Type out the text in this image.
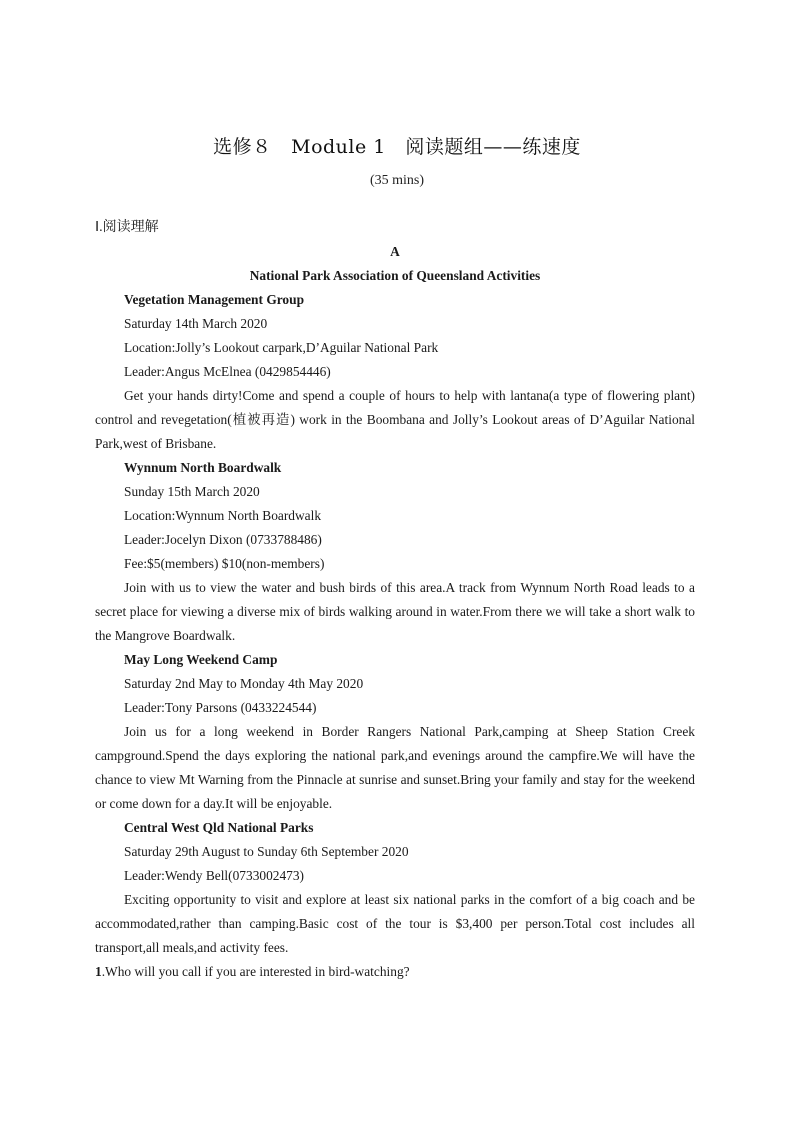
选修８　Module 1　阅读题组——练速度
(35 mins)
Ⅰ.阅读理解
A
National Park Association of Queensland Activities
Vegetation Management Group
Saturday 14th March 2020
Location:Jolly’s Lookout carpark,D’Aguilar National Park
Leader:Angus McElnea (0429854446)

Get your hands dirty!Come and spend a couple of hours to help with lantana(a type of flowering plant) control and revegetation(植被再造) work in the Boombana and Jolly’s Lookout areas of D’Aguilar National Park,west of Brisbane.

Wynnum North Boardwalk
Sunday 15th March 2020
Location:Wynnum North Boardwalk
Leader:Jocelyn Dixon (0733788486)
Fee:$5(members) $10(non-members)

Join with us to view the water and bush birds of this area.A track from Wynnum North Road leads to a secret place for viewing a diverse mix of birds walking around in water.From there we will take a short walk to the Mangrove Boardwalk.

May Long Weekend Camp
Saturday 2nd May to Monday 4th May 2020
Leader:Tony Parsons (0433224544)

Join us for a long weekend in Border Rangers National Park,camping at Sheep Station Creek campground.Spend the days exploring the national park,and evenings around the campfire.We will have the chance to view Mt Warning from the Pinnacle at sunrise and sunset.Bring your family and stay for the weekend or come down for a day.It will be enjoyable.

Central West Qld National Parks
Saturday 29th August to Sunday 6th September 2020
Leader:Wendy Bell(0733002473)

Exciting opportunity to visit and explore at least six national parks in the comfort of a big coach and be accommodated,rather than camping.Basic cost of the tour is $3,400 per person.Total cost includes all transport,all meals,and activity fees.

1.Who will you call if you are interested in bird-watching?
